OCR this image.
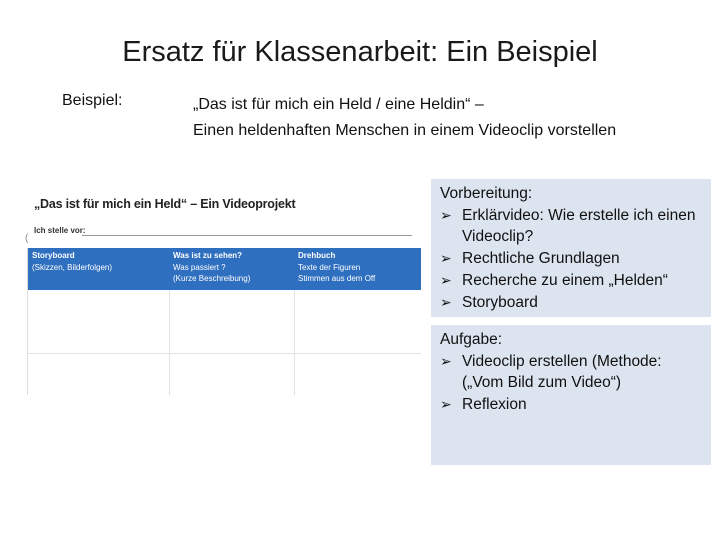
Ersatz für Klassenarbeit: Ein Beispiel
Beispiel:	„Das ist für mich ein Held / eine Heldin“ –
Einen heldenhaften Menschen in einem Videoclip vorstellen
„Das ist für mich ein Held“ – Ein Videoprojekt
Ich stelle vor:
(
Storyboard
(Skizzen, Bilderfolgen)
Was ist zu sehen?
Was passiert ?
(Kurze Beschreibung)
Drehbuch
Texte der Figuren
Stimmen aus dem Off
Vorbereitung:
➢ Erklärvideo: Wie erstelle ich einen Videoclip?
➢ Rechtliche Grundlagen
➢ Recherche zu einem „Helden“
➢ Storyboard
Aufgabe:
➢ Videoclip erstellen (Methode: („Vom Bild zum Video“)
➢ Reflexion
